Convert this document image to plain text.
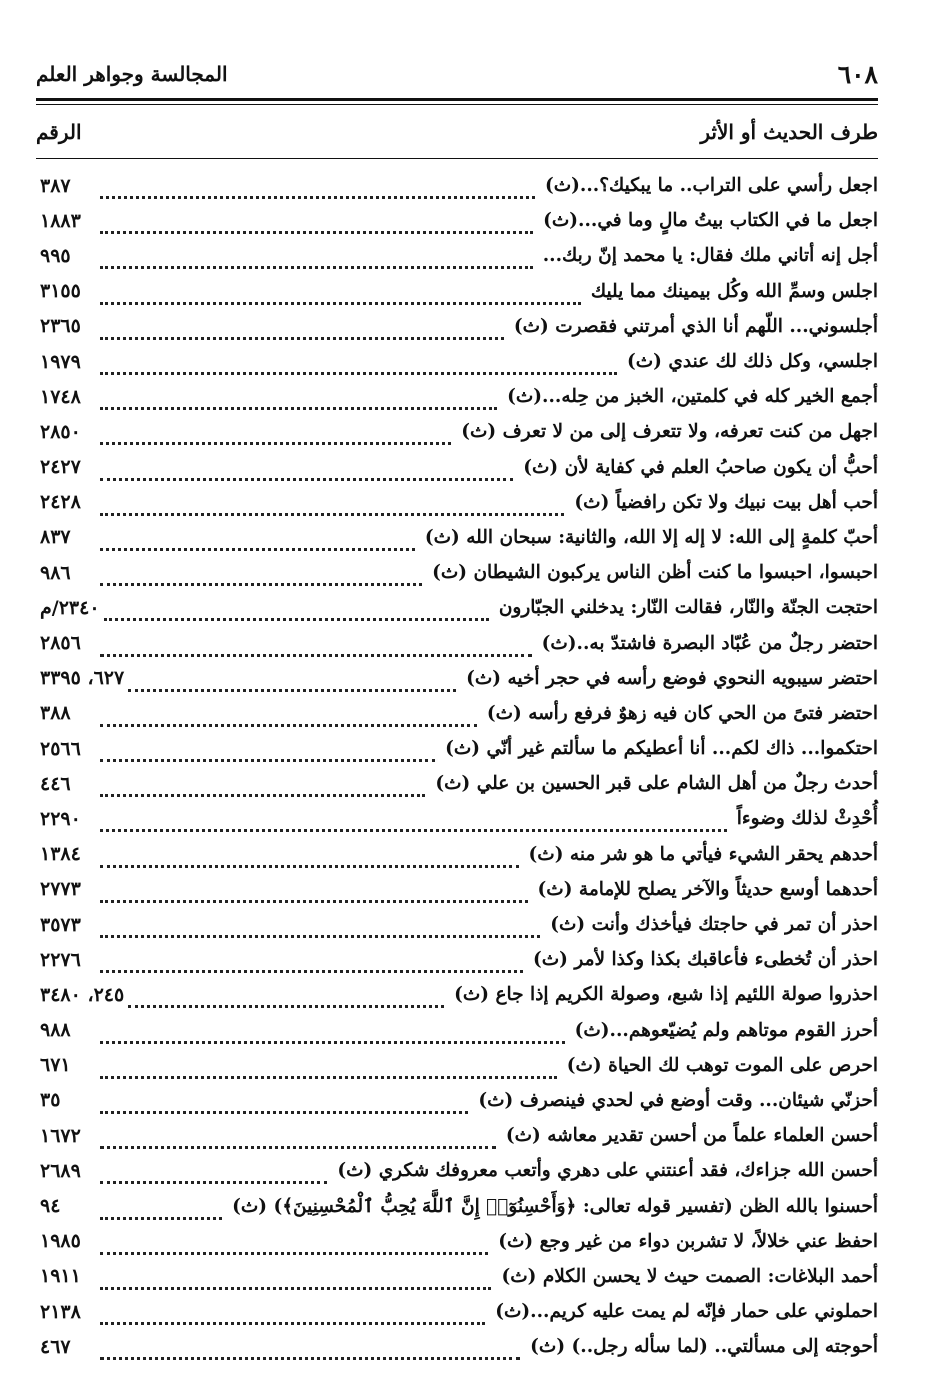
٦٠٨
المجالسة وجواهر العلم
طرف الحديث أو الأثر
الرقم
اجعل رأسي على التراب.. ما يبكيك؟...(ث)
٣٨٧
اجعل ما في الكتاب بيتُ مالٍ وما في...(ث)
١٨٨٣
أجل إنه أتاني ملك فقال: يا محمد إنّ ربك...
٩٩٥
اجلس وسمِّ الله وكُل بيمينك مما يليك
٣١٥٥
أجلسوني... اللّهم أنا الذي أمرتني فقصرت (ث)
٢٣٦٥
اجلسي، وكل ذلك لك عندي (ث)
١٩٧٩
أجمع الخير كله في كلمتين، الخبز من حِله...(ث)
١٧٤٨
اجهل من كنت تعرفه، ولا تتعرف إلى من لا تعرف (ث)
٢٨٥٠
أحبُّ أن يكون صاحبُ العلم في كفاية لأن (ث)
٢٤٢٧
أحب أهل بيت نبيك ولا تكن رافضياً (ث)
٢٤٢٨
أحبّ كلمةٍ إلى الله: لا إله إلا الله، والثانية: سبحان الله (ث)
٨٣٧
احبسوا، احبسوا ما كنت أظن الناس يركبون الشيطان (ث)
٩٨٦
احتجت الجنّة والنّار، فقالت النّار: يدخلني الجبّارون
٢٣٤٠/م
احتضر رجلٌ من عُبّاد البصرة فاشتدّ به..(ث)
٢٨٥٦
احتضر سيبويه النحوي فوضع رأسه في حجر أخيه (ث)
٦٢٧، ٣٣٩٥
احتضر فتىً من الحي كان فيه زهوٌ فرفع رأسه (ث)
٣٨٨
احتكموا... ذاك لكم... أنا أعطيكم ما سألتم غير أنّي (ث)
٢٥٦٦
أحدث رجلٌ من أهل الشام على قبر الحسين بن علي (ث)
٤٤٦
أُحْدِثْ لذلك وضوءاً
٢٢٩٠
أحدهم يحقر الشيء فيأتي ما هو شر منه (ث)
١٣٨٤
أحدهما أوسع حديثاً والآخر يصلح للإمامة (ث)
٢٧٧٣
احذر أن تمر في حاجتك فيأخذك وأنت (ث)
٣٥٧٣
احذر أن تُخطىء فأعاقبك بكذا وكذا لأمر (ث)
٢٢٧٦
احذروا صولة اللئيم إذا شبع، وصولة الكريم إذا جاع (ث)
٢٤٥، ٣٤٨٠
أحرز القوم موتاهم ولم يُضيّعوهم...(ث)
٩٨٨
احرص على الموت توهب لك الحياة (ث)
٦٧١
أحزنّي شيئان... وقت أوضع في لحدي فينصرف (ث)
٣٥
أحسن العلماء علماً من أحسن تقدير معاشه (ث)
١٦٧٢
أحسن الله جزاءك، فقد أعنتني على دهري وأتعب معروفك شكري (ث)
٢٦٨٩
أحسنوا بالله الظن (تفسير قوله تعالى: ﴿وَأَحْسِنُوٓا۟ إِنَّ ٱللَّهَ يُحِبُّ ٱلْمُحْسِنِينَ﴾) (ث)
٩٤
احفظ عني خلالاً، لا تشربن دواء من غير وجع (ث)
١٩٨٥
أحمد البلاغات: الصمت حيث لا يحسن الكلام (ث)
١٩١١
احملوني على حمار فإنّه لم يمت عليه كريم...(ث)
٢١٣٨
أحوجته إلى مسألتي.. (لما سأله رجل..) (ث)
٤٦٧
